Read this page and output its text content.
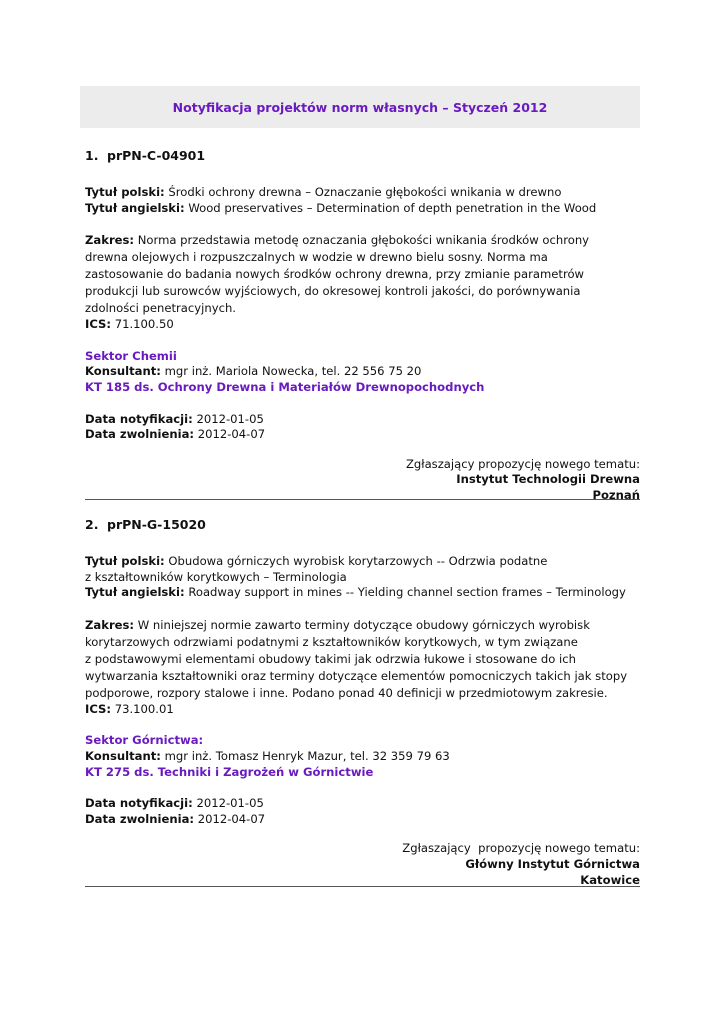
Notyfikacja projektów norm własnych – Styczeń 2012
1. prPN-C-04901
Tytuł polski: Środki ochrony drewna – Oznaczanie głębokości wnikania w drewno
Tytuł angielski: Wood preservatives – Determination of depth penetration in the Wood
Zakres: Norma przedstawia metodę oznaczania głębokości wnikania środków ochrony
drewna olejowych i rozpuszczalnych w wodzie w drewno bielu sosny. Norma ma
zastosowanie do badania nowych środków ochrony drewna, przy zmianie parametrów
produkcji lub surowców wyjściowych, do okresowej kontroli jakości, do porównywania
zdolności penetracyjnych.
ICS: 71.100.50
Sektor Chemii
Konsultant: mgr inż. Mariola Nowecka, tel. 22 556 75 20
KT 185 ds. Ochrony Drewna i Materiałów Drewnopochodnych
Data notyfikacji: 2012-01-05
Data zwolnienia: 2012-04-07
Zgłaszający propozycję nowego tematu:
Instytut Technologii Drewna
Poznań
2. prPN-G-15020
Tytuł polski: Obudowa górniczych wyrobisk korytarzowych -- Odrzwia podatne
z kształtowników korytkowych – Terminologia
Tytuł angielski: Roadway support in mines -- Yielding channel section frames – Terminology
Zakres: W niniejszej normie zawarto terminy dotyczące obudowy górniczych wyrobisk
korytarzowych odrzwiami podatnymi z kształtowników korytkowych, w tym związane
z podstawowymi elementami obudowy takimi jak odrzwia łukowe i stosowane do ich
wytwarzania kształtowniki oraz terminy dotyczące elementów pomocniczych takich jak stopy
podporowe, rozpory stalowe i inne. Podano ponad 40 definicji w przedmiotowym zakresie.
ICS: 73.100.01
Sektor Górnictwa:
Konsultant: mgr inż. Tomasz Henryk Mazur, tel. 32 359 79 63
KT 275 ds. Techniki i Zagrożeń w Górnictwie
Data notyfikacji: 2012-01-05
Data zwolnienia: 2012-04-07
Zgłaszający  propozycję nowego tematu:
Główny Instytut Górnictwa
Katowice
